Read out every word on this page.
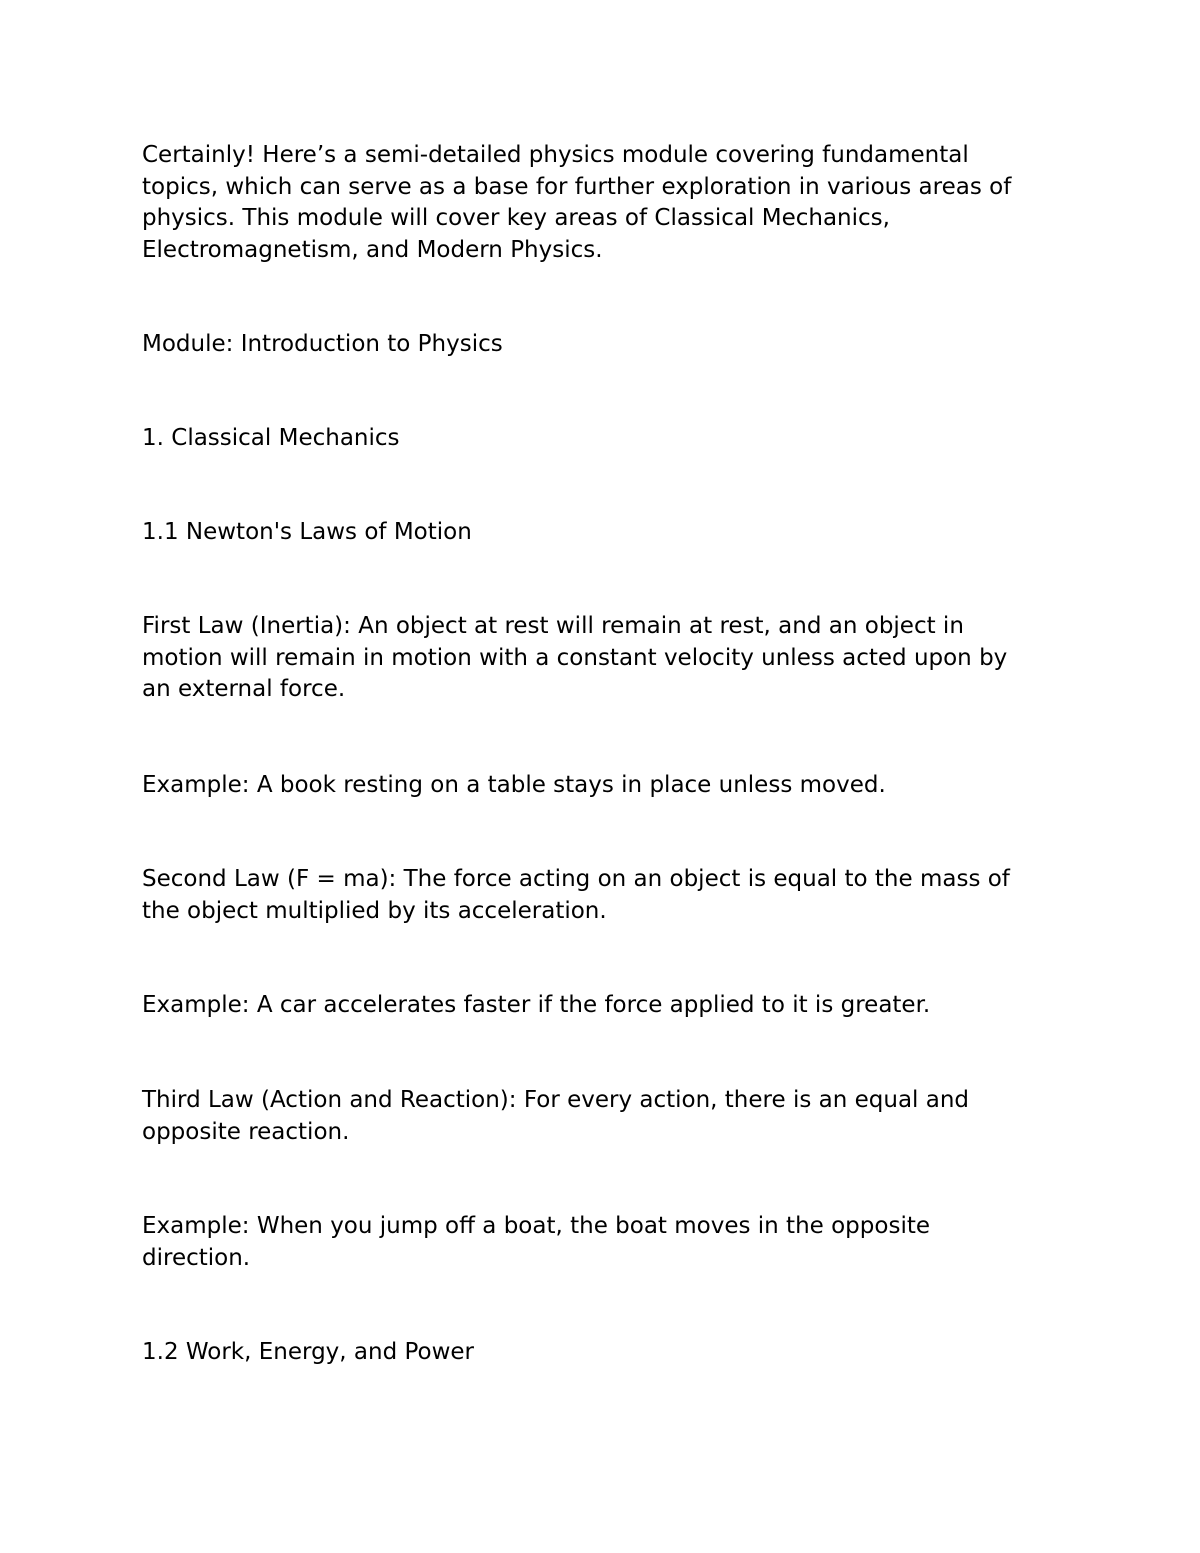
Certainly! Here’s a semi-detailed physics module covering fundamental
topics, which can serve as a base for further exploration in various areas of
physics. This module will cover key areas of Classical Mechanics,
Electromagnetism, and Modern Physics.

Module: Introduction to Physics

1. Classical Mechanics

1.1 Newton's Laws of Motion

First Law (Inertia): An object at rest will remain at rest, and an object in
motion will remain in motion with a constant velocity unless acted upon by
an external force.

Example: A book resting on a table stays in place unless moved.

Second Law (F = ma): The force acting on an object is equal to the mass of
the object multiplied by its acceleration.

Example: A car accelerates faster if the force applied to it is greater.

Third Law (Action and Reaction): For every action, there is an equal and
opposite reaction.

Example: When you jump off a boat, the boat moves in the opposite
direction.

1.2 Work, Energy, and Power
